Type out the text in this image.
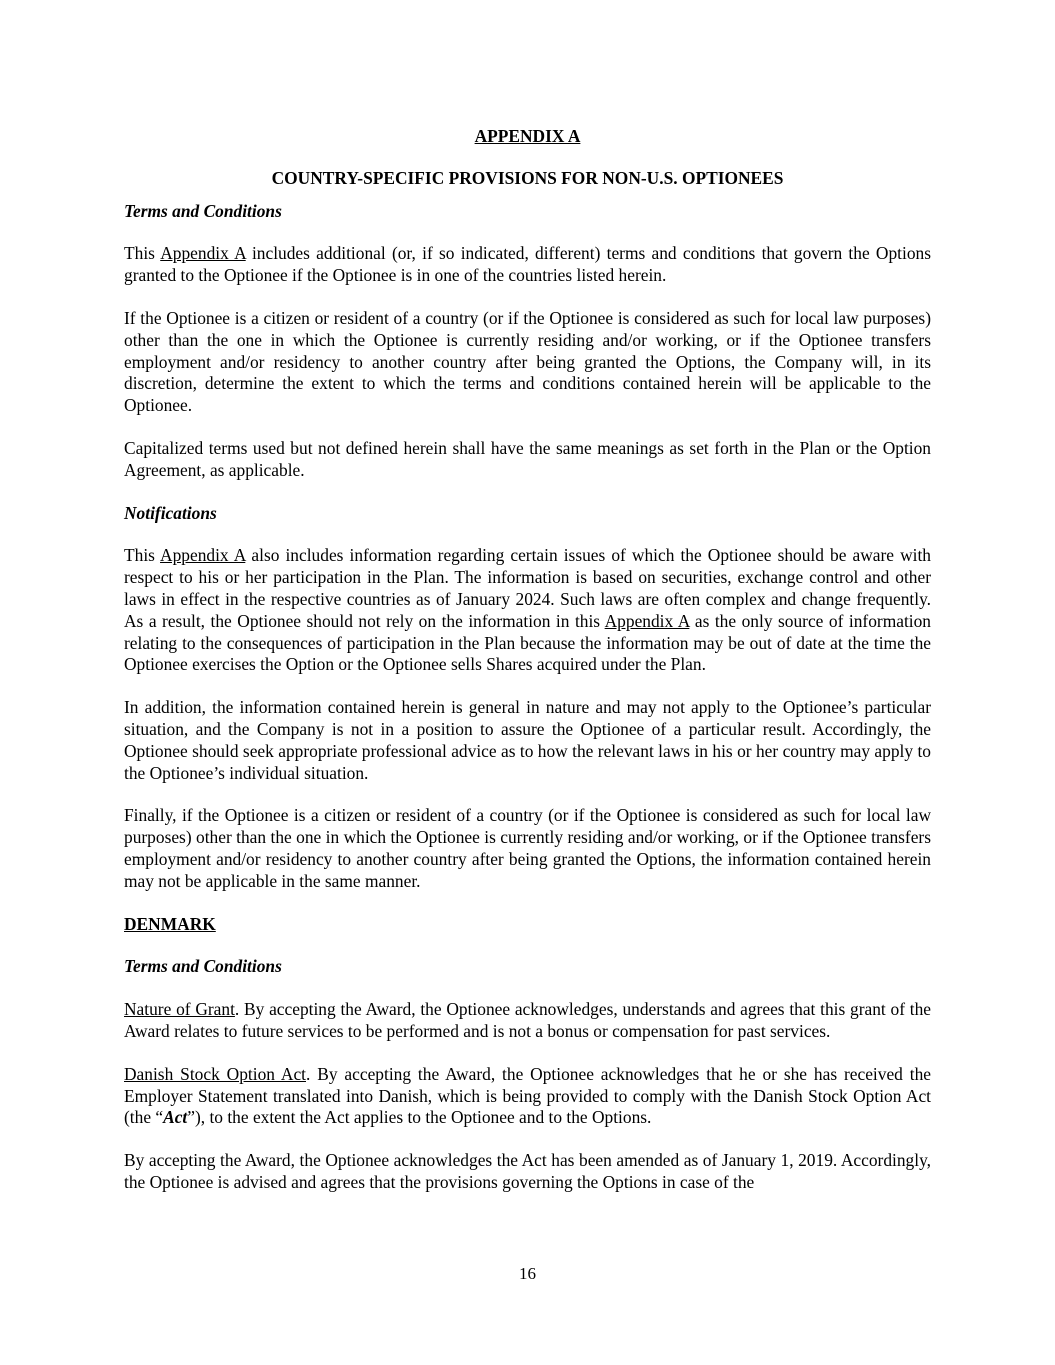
APPENDIX A

COUNTRY-SPECIFIC PROVISIONS FOR NON-U.S. OPTIONEES

Terms and Conditions

This Appendix A includes additional (or, if so indicated, different) terms and conditions that govern the Options granted to the Optionee if the Optionee is in one of the countries listed herein.

If the Optionee is a citizen or resident of a country (or if the Optionee is considered as such for local law purposes) other than the one in which the Optionee is currently residing and/or working, or if the Optionee transfers employment and/or residency to another country after being granted the Options, the Company will, in its discretion, determine the extent to which the terms and conditions contained herein will be applicable to the Optionee.

Capitalized terms used but not defined herein shall have the same meanings as set forth in the Plan or the Option Agreement, as applicable.

Notifications

This Appendix A also includes information regarding certain issues of which the Optionee should be aware with respect to his or her participation in the Plan. The information is based on securities, exchange control and other laws in effect in the respective countries as of January 2024. Such laws are often complex and change frequently. As a result, the Optionee should not rely on the information in this Appendix A as the only source of information relating to the consequences of participation in the Plan because the information may be out of date at the time the Optionee exercises the Option or the Optionee sells Shares acquired under the Plan.

In addition, the information contained herein is general in nature and may not apply to the Optionee’s particular situation, and the Company is not in a position to assure the Optionee of a particular result. Accordingly, the Optionee should seek appropriate professional advice as to how the relevant laws in his or her country may apply to the Optionee’s individual situation.

Finally, if the Optionee is a citizen or resident of a country (or if the Optionee is considered as such for local law purposes) other than the one in which the Optionee is currently residing and/or working, or if the Optionee transfers employment and/or residency to another country after being granted the Options, the information contained herein may not be applicable in the same manner.

DENMARK

Terms and Conditions

Nature of Grant. By accepting the Award, the Optionee acknowledges, understands and agrees that this grant of the Award relates to future services to be performed and is not a bonus or compensation for past services.

Danish Stock Option Act. By accepting the Award, the Optionee acknowledges that he or she has received the Employer Statement translated into Danish, which is being provided to comply with the Danish Stock Option Act (the “Act”), to the extent the Act applies to the Optionee and to the Options.

By accepting the Award, the Optionee acknowledges the Act has been amended as of January 1, 2019. Accordingly, the Optionee is advised and agrees that the provisions governing the Options in case of the

16
